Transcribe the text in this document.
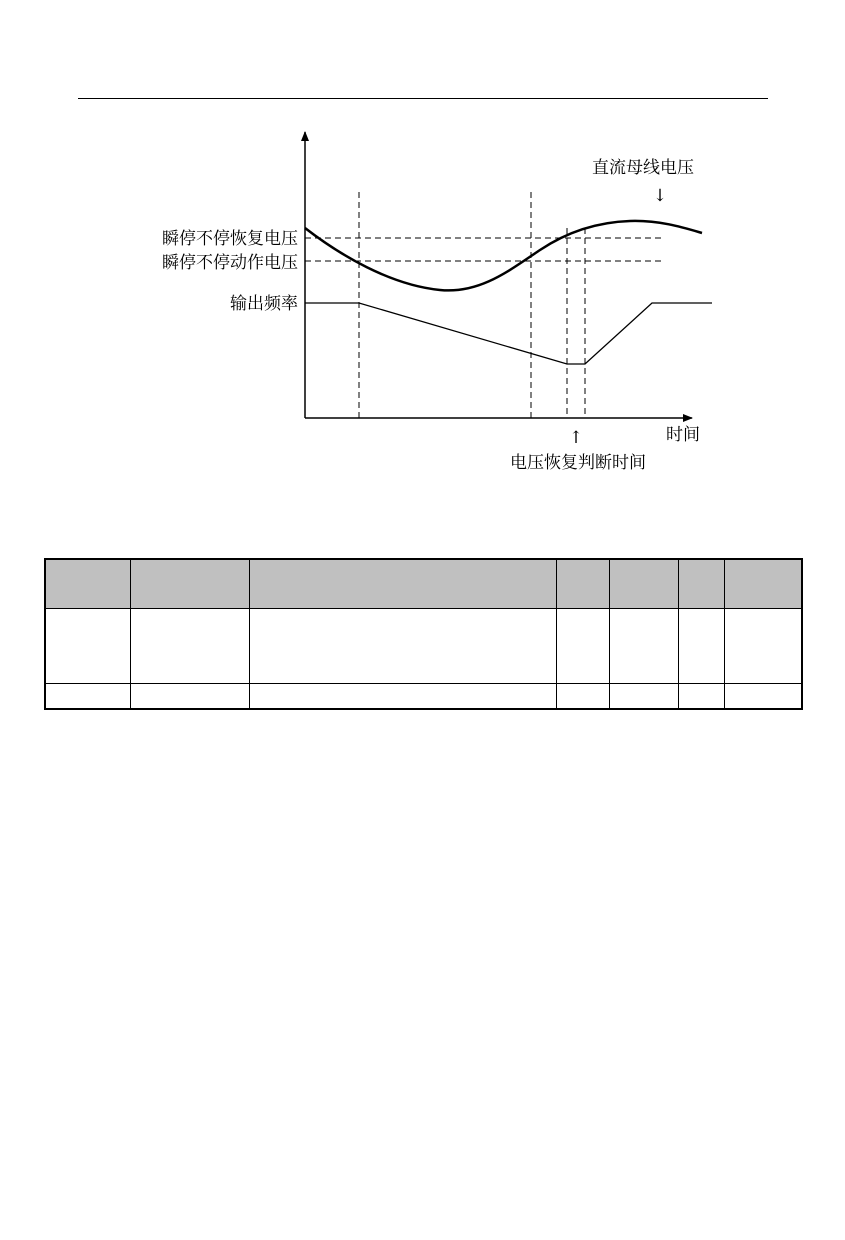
瞬停不停恢复电压
瞬停不停动作电压
输出频率
直流母线电压
↓
↑	时间
电压恢复判断时间
